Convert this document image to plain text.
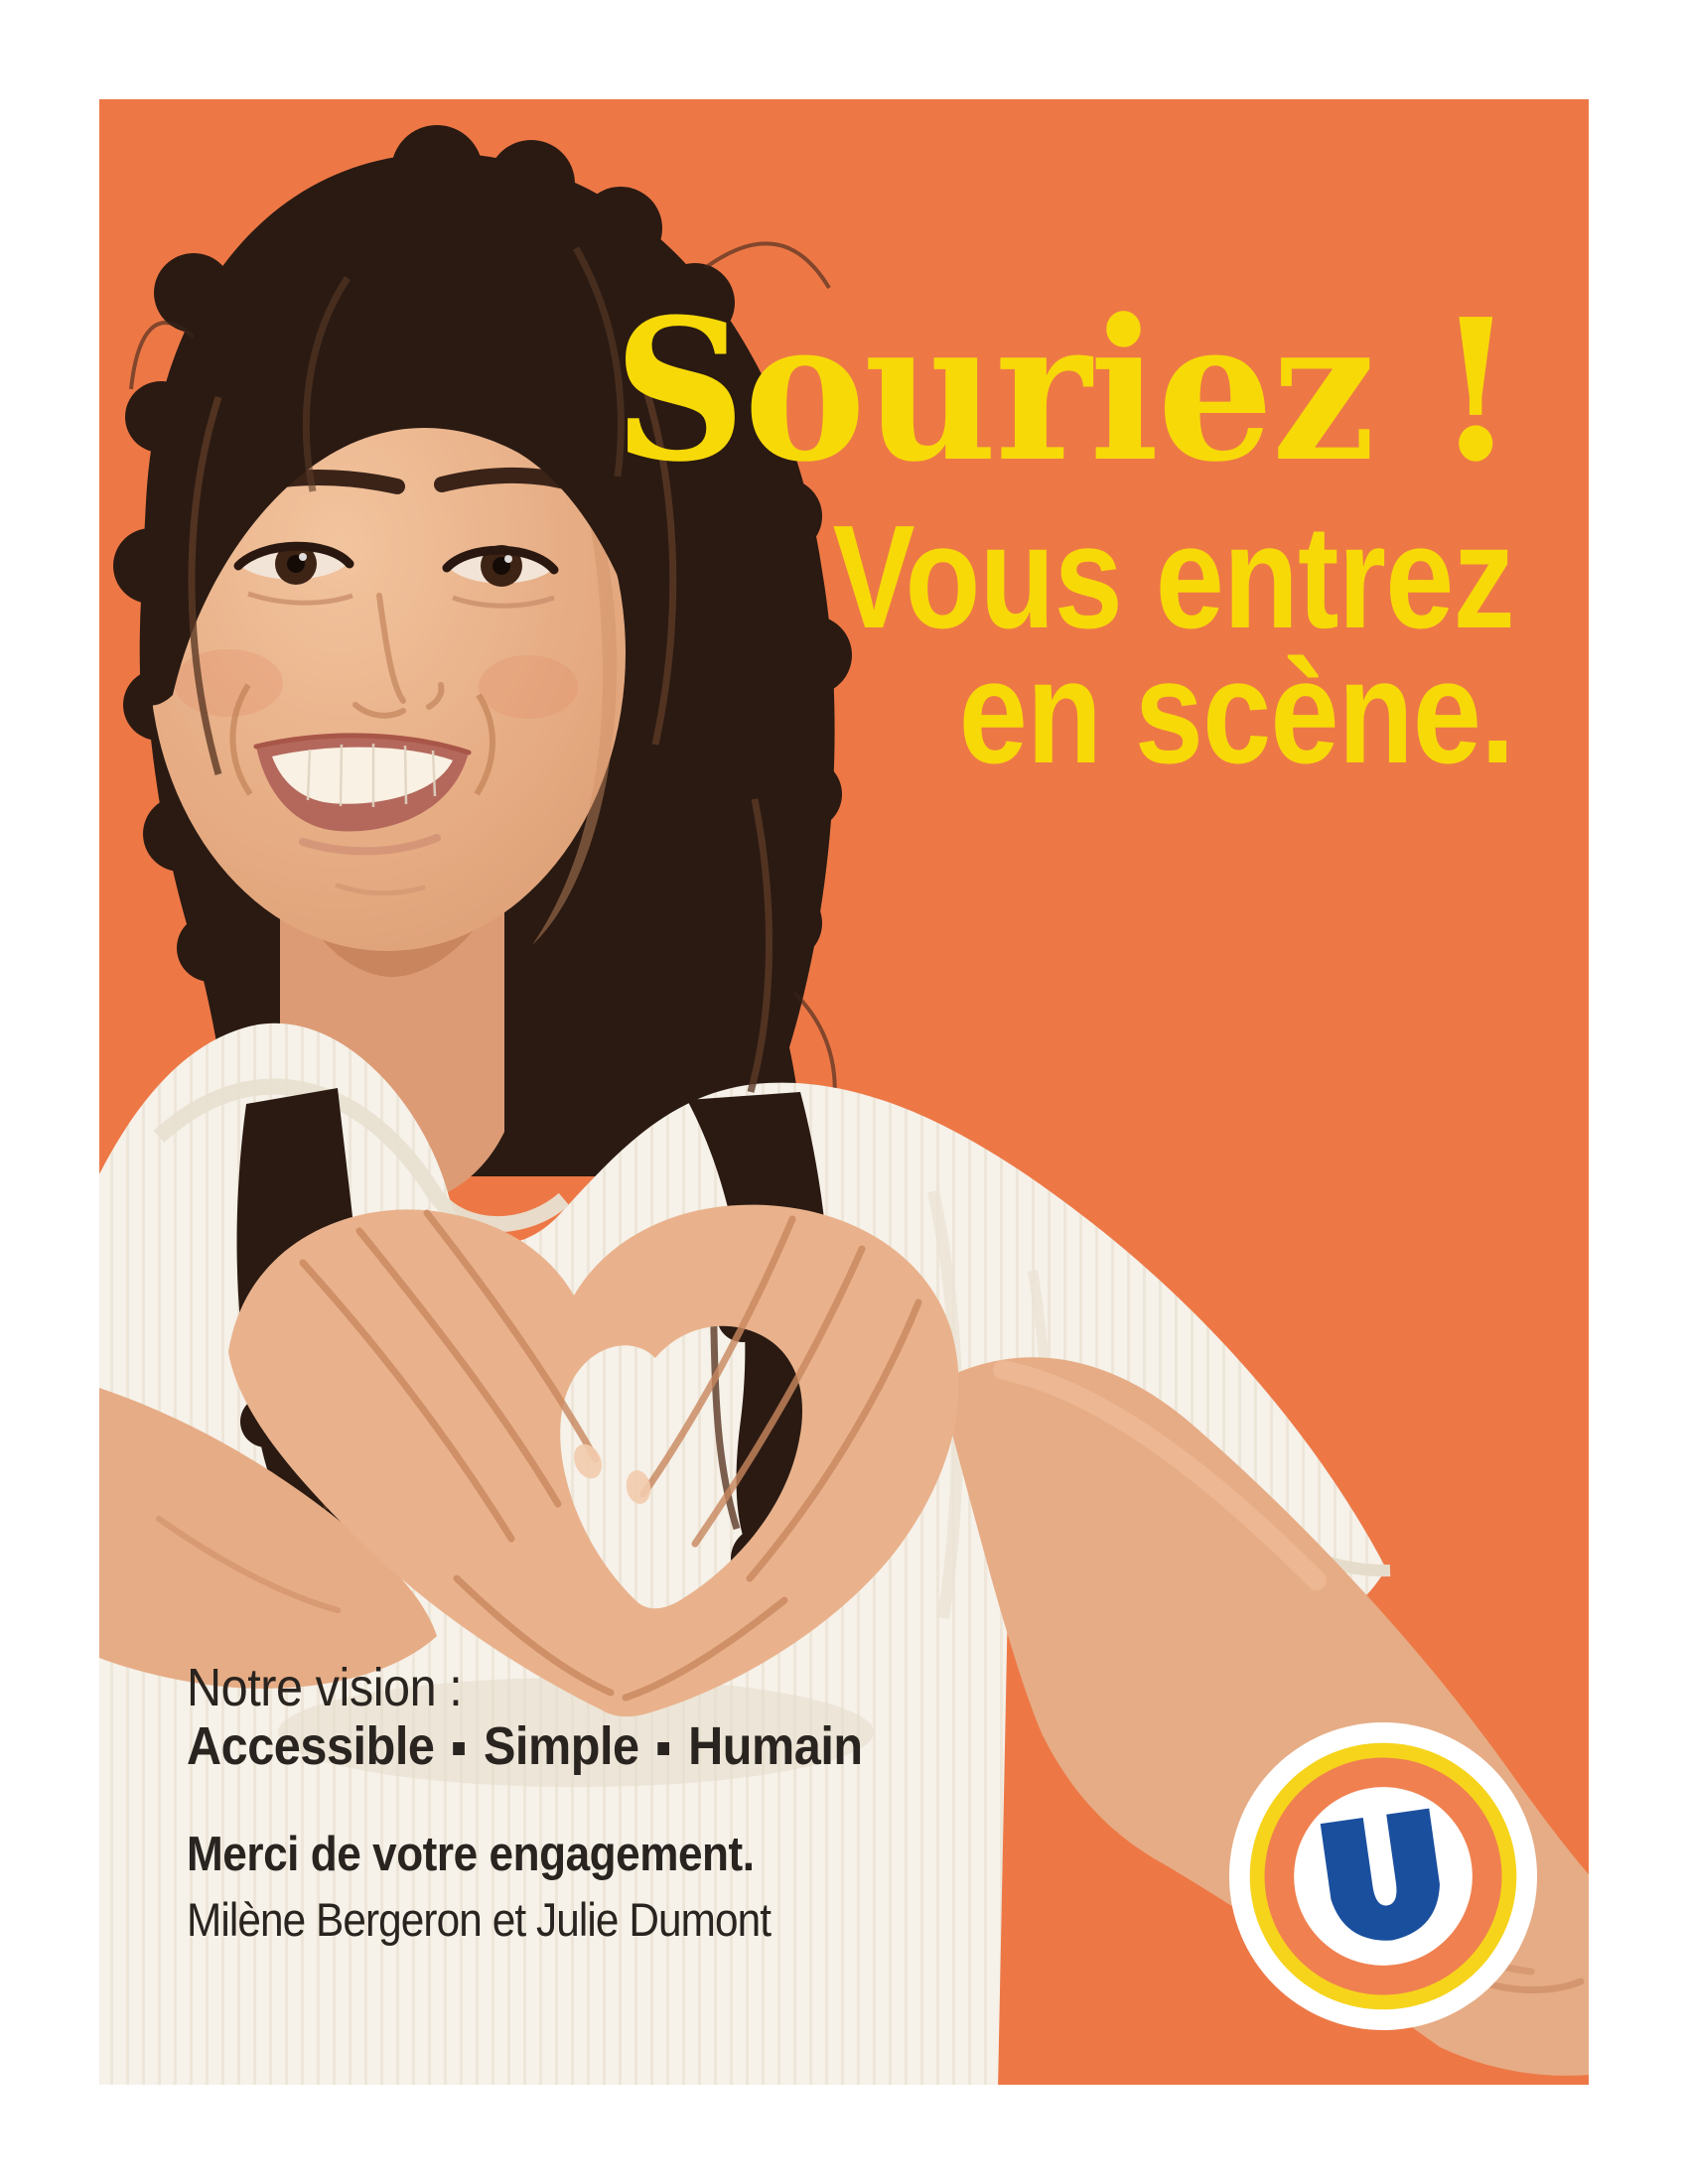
Souriez !
Vous entrez
en scène.

Notre vision :

Accessible Simple Humain

Merci de votre engagement.

Milène Bergeron et Julie Dumont
